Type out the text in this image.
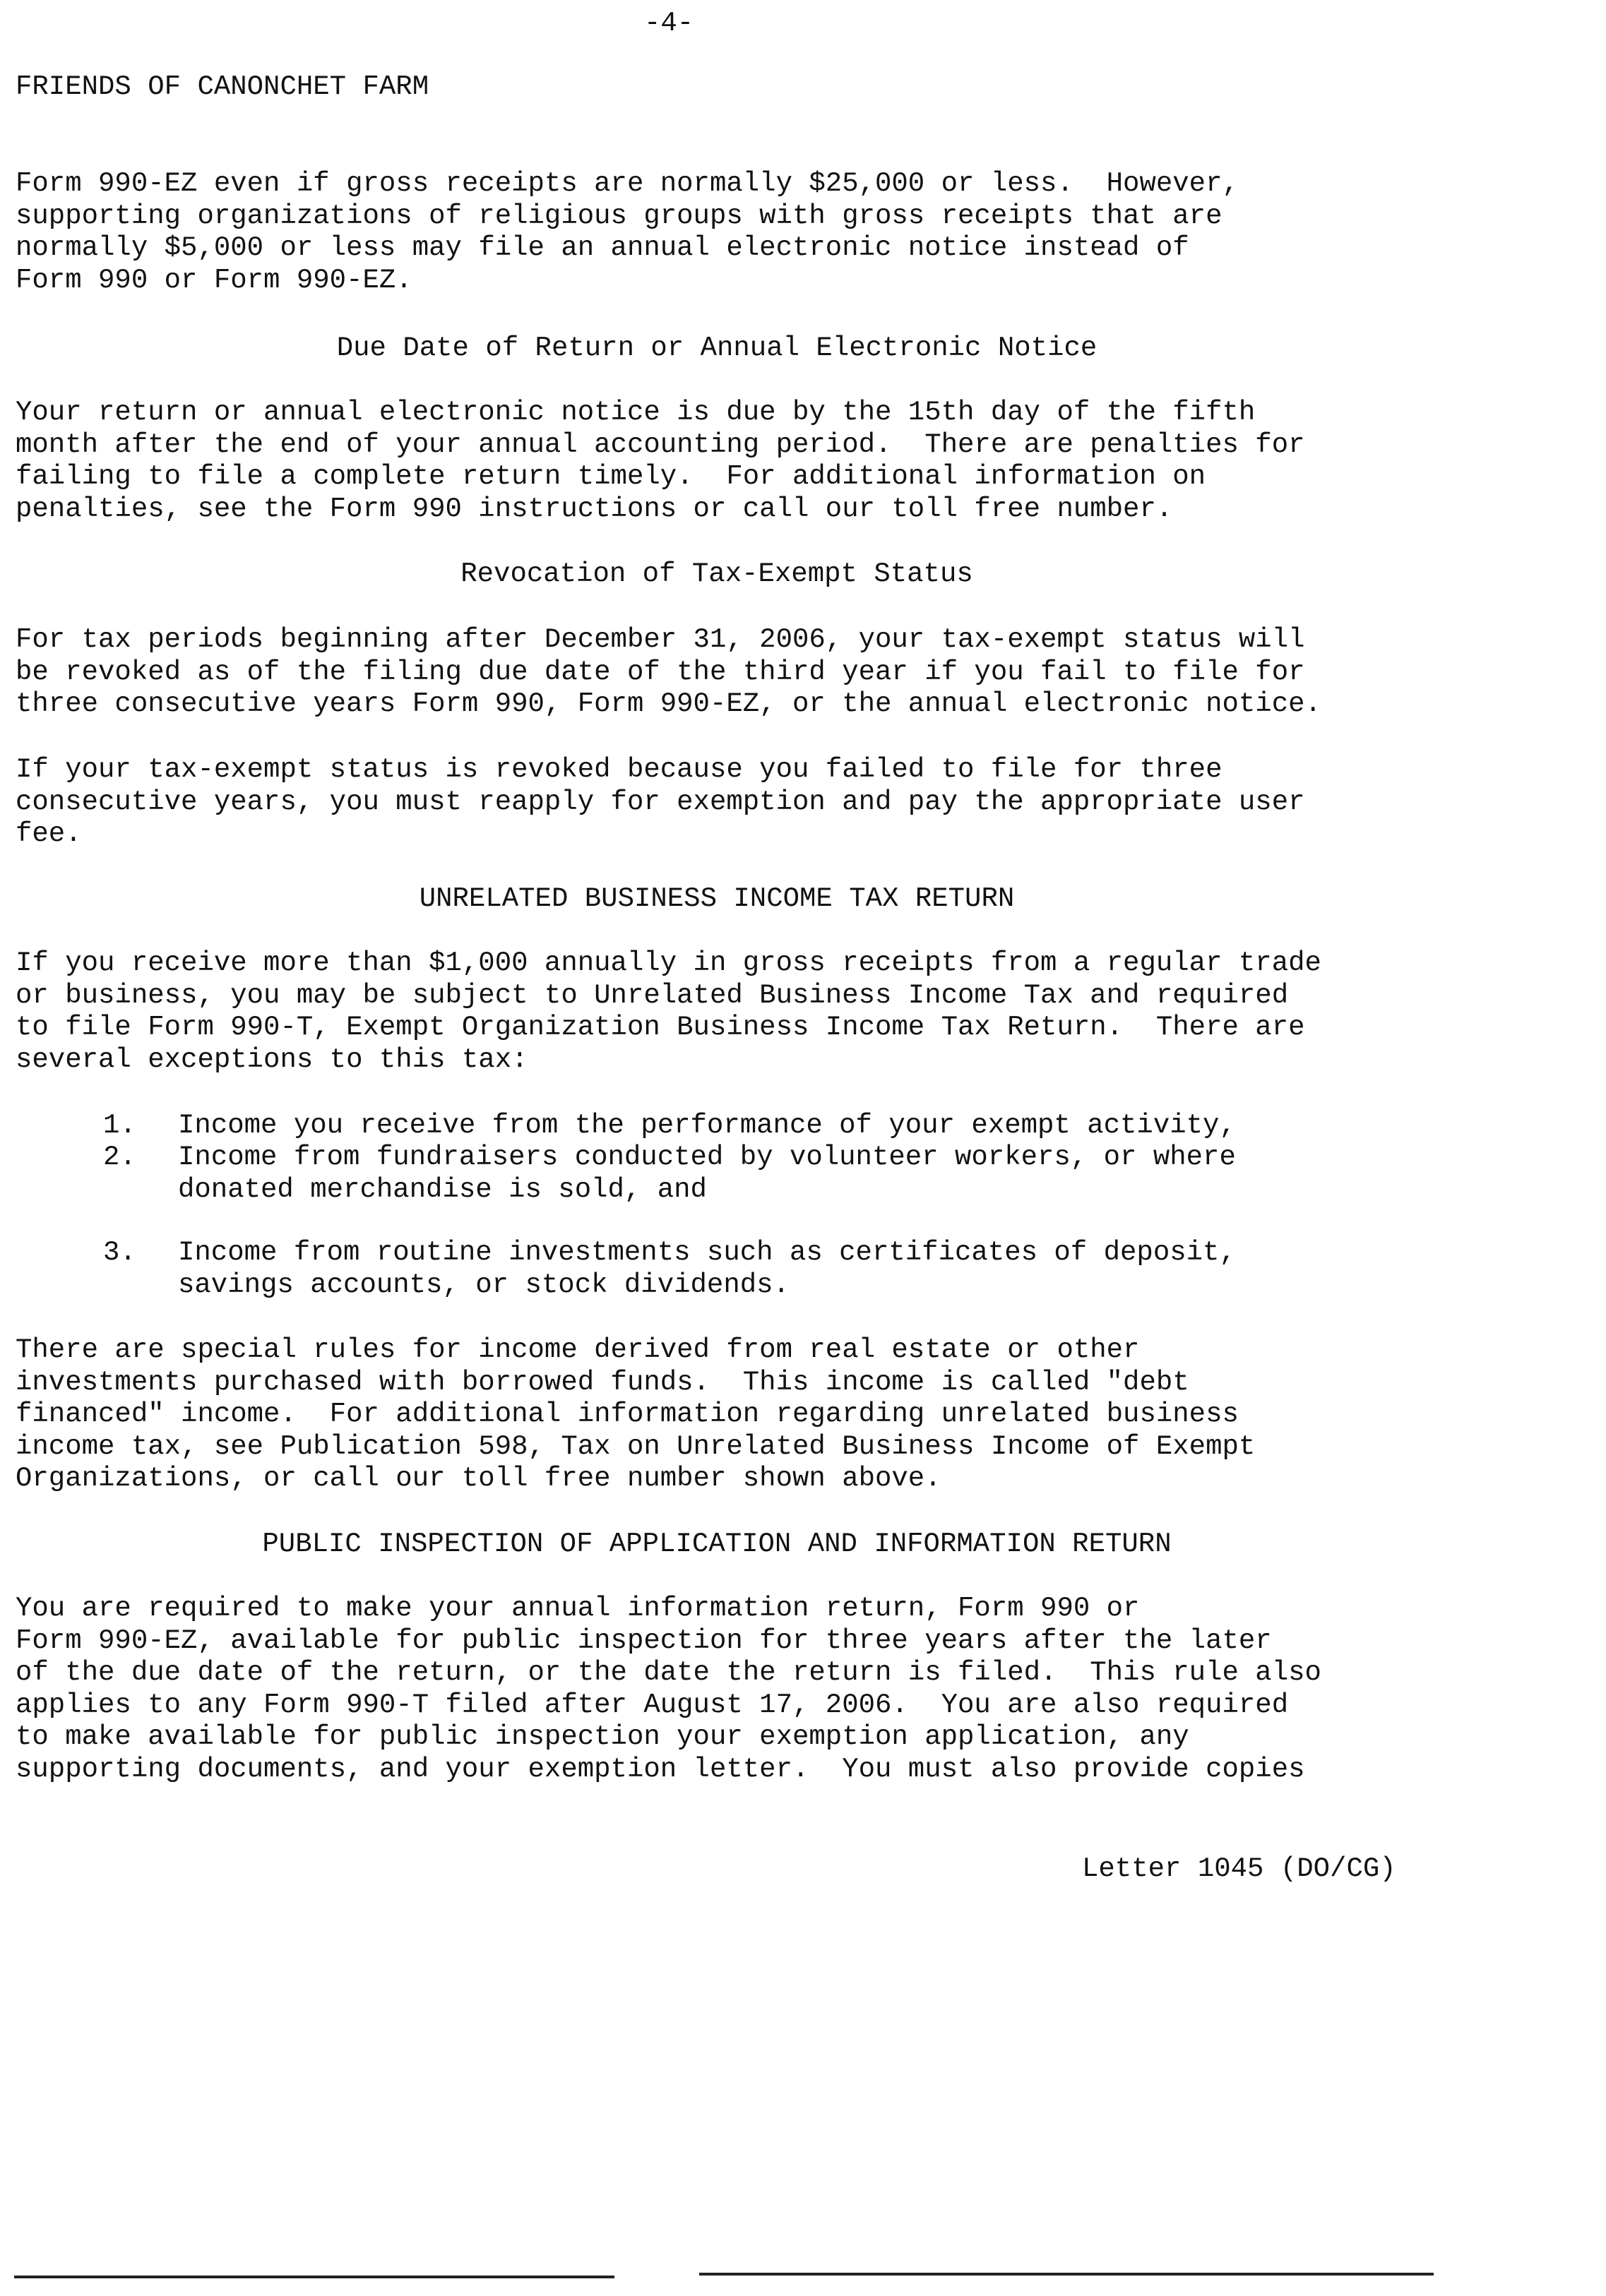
-4-
FRIENDS OF CANONCHET FARM
Form 990-EZ even if gross receipts are normally $25,000 or less.  However,
supporting organizations of religious groups with gross receipts that are
normally $5,000 or less may file an annual electronic notice instead of
Form 990 or Form 990-EZ.
Due Date of Return or Annual Electronic Notice
Your return or annual electronic notice is due by the 15th day of the fifth
month after the end of your annual accounting period.  There are penalties for
failing to file a complete return timely.  For additional information on
penalties, see the Form 990 instructions or call our toll free number.
Revocation of Tax-Exempt Status
For tax periods beginning after December 31, 2006, your tax-exempt status will
be revoked as of the filing due date of the third year if you fail to file for
three consecutive years Form 990, Form 990-EZ, or the annual electronic notice.
If your tax-exempt status is revoked because you failed to file for three
consecutive years, you must reapply for exemption and pay the appropriate user
fee.
UNRELATED BUSINESS INCOME TAX RETURN
If you receive more than $1,000 annually in gross receipts from a regular trade
or business, you may be subject to Unrelated Business Income Tax and required
to file Form 990-T, Exempt Organization Business Income Tax Return.  There are
several exceptions to this tax:
1. Income you receive from the performance of your exempt activity,
2. Income from fundraisers conducted by volunteer workers, or where
donated merchandise is sold, and
3. Income from routine investments such as certificates of deposit,
savings accounts, or stock dividends.
There are special rules for income derived from real estate or other
investments purchased with borrowed funds.  This income is called "debt
financed" income.  For additional information regarding unrelated business
income tax, see Publication 598, Tax on Unrelated Business Income of Exempt
Organizations, or call our toll free number shown above.
PUBLIC INSPECTION OF APPLICATION AND INFORMATION RETURN
You are required to make your annual information return, Form 990 or
Form 990-EZ, available for public inspection for three years after the later
of the due date of the return, or the date the return is filed.  This rule also
applies to any Form 990-T filed after August 17, 2006.  You are also required
to make available for public inspection your exemption application, any
supporting documents, and your exemption letter.  You must also provide copies
Letter 1045 (DO/CG)
